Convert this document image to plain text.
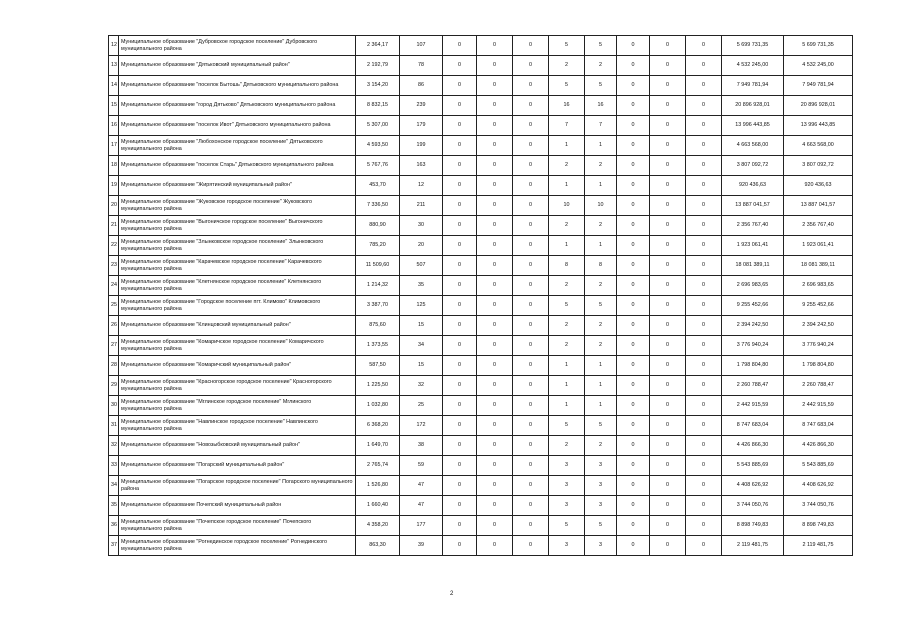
12	Муниципальное образование "Дубровское городское поселение" Дубровского муниципального района	2 364,17	107	0	0	0	5	5	0	0	0	5 699 731,35	5 699 731,35
13	Муниципальное образование "Дятьковский муниципальный район"	2 192,79	78	0	0	0	2	2	0	0	0	4 532 245,00	4 532 245,00
14	Муниципальное образование "поселок Бытошь" Дятьковского муниципального района	3 154,20	86	0	0	0	5	5	0	0	0	7 949 781,94	7 949 781,94
15	Муниципальное образование "город Дятьково" Дятьковского муниципального района	8 832,15	239	0	0	0	16	16	0	0	0	20 896 928,01	20 896 928,01
16	Муниципальное образование "поселок Ивот" Дятьковского муниципального района	5 307,00	179	0	0	0	7	7	0	0	0	13 996 443,85	13 996 443,85
17	Муниципальное образование "Любохонское городское поселение" Дятьковского муниципального района	4 593,50	199	0	0	0	1	1	0	0	0	4 663 568,00	4 663 568,00
18	Муниципальное образование "поселок Старь" Дятьковского муниципального района	5 767,76	163	0	0	0	2	2	0	0	0	3 807 092,72	3 807 092,72
19	Муниципальное образование "Жирятинский муниципальный район"	453,70	12	0	0	0	1	1	0	0	0	920 436,63	920 436,63
20	Муниципальное образование "Жуковское городское поселение" Жуковского муниципального района	7 336,50	211	0	0	0	10	10	0	0	0	13 887 041,57	13 887 041,57
21	Муниципальное образование "Выгоничское городское поселение" Выгоничского муниципального района	880,90	30	0	0	0	2	2	0	0	0	2 356 767,40	2 356 767,40
22	Муниципальное образование "Злынковское городское поселение" Злынковского муниципального района	785,20	20	0	0	0	1	1	0	0	0	1 923 061,41	1 923 061,41
23	Муниципальное образование "Карачевское городское поселение" Карачевского муниципального района	11 509,60	507	0	0	0	8	8	0	0	0	18 081 389,11	18 081 389,11
24	Муниципальное образование "Клетнянское городское поселение" Клетнянского муниципального района	1 214,32	35	0	0	0	2	2	0	0	0	2 696 983,65	2 696 983,65
25	Муниципальное образование "Городское поселение пгт. Климово" Климовского муниципального района	3 387,70	125	0	0	0	5	5	0	0	0	9 255 452,66	9 255 452,66
26	Муниципальное образование "Клинцовский муниципальный район"	875,60	15	0	0	0	2	2	0	0	0	2 394 242,50	2 394 242,50
27	Муниципальное образование "Комаричское городское поселение" Комаричского муниципального района	1 373,55	34	0	0	0	2	2	0	0	0	3 776 940,24	3 776 940,24
28	Муниципальное образование "Комаричский муниципальный район"	587,50	15	0	0	0	1	1	0	0	0	1 798 804,80	1 798 804,80
29	Муниципальное образование "Красногорское городское поселение" Красногорского муниципального района	1 225,50	32	0	0	0	1	1	0	0	0	2 260 788,47	2 260 788,47
30	Муниципальное образование "Мглинское городское поселение" Мглинского муниципального района	1 032,80	25	0	0	0	1	1	0	0	0	2 442 915,59	2 442 915,59
31	Муниципальное образование "Навлинское городское поселение" Навлинского муниципального района	6 368,20	172	0	0	0	5	5	0	0	0	8 747 683,04	8 747 683,04
32	Муниципальное образование "Новозыбковский муниципальный район"	1 649,70	38	0	0	0	2	2	0	0	0	4 426 866,30	4 426 866,30
33	Муниципальное образование "Погарский муниципальный район"	2 765,74	59	0	0	0	3	3	0	0	0	5 543 885,69	5 543 885,69
34	Муниципальное образование "Погарское городское поселение" Погарского муниципального района	1 526,80	47	0	0	0	3	3	0	0	0	4 408 626,92	4 408 626,92
35	Муниципальное образование Почепский муниципальный район	1 660,40	47	0	0	0	3	3	0	0	0	3 744 050,76	3 744 050,76
36	Муниципальное образование "Почепское городское поселение" Почепского муниципального района	4 358,20	177	0	0	0	5	5	0	0	0	8 898 749,83	8 898 749,83
37	Муниципальное образование "Рогнединское городское поселение" Рогнединского муниципального района	863,30	39	0	0	0	3	3	0	0	0	2 119 481,75	2 119 481,75
2
